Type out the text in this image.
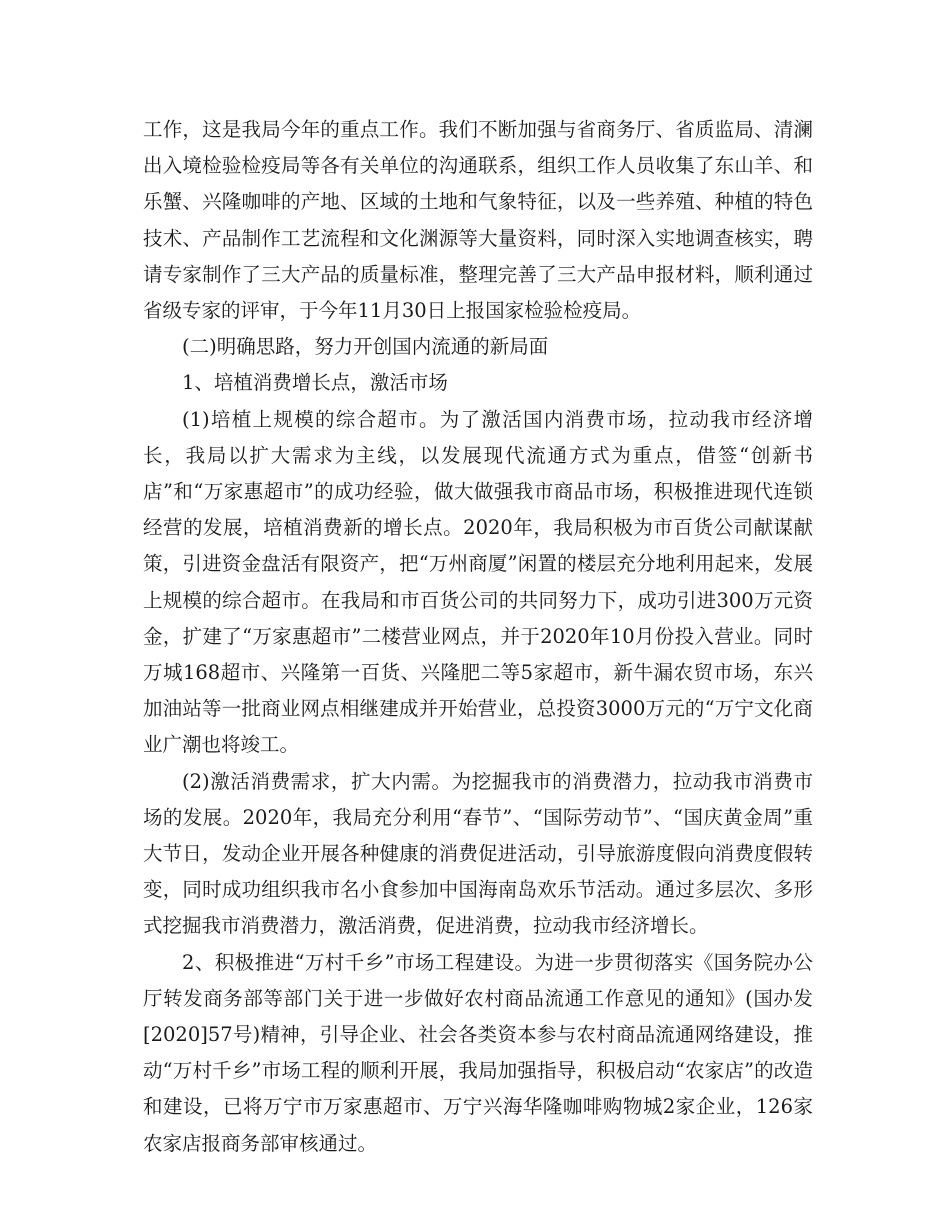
工作，这是我局今年的重点工作。我们不断加强与省商务厅、省质监局、清澜出入境检验检疫局等各有关单位的沟通联系，组织工作人员收集了东山羊、和乐蟹、兴隆咖啡的产地、区域的土地和气象特征，以及一些养殖、种植的特色技术、产品制作工艺流程和文化渊源等大量资料，同时深入实地调查核实，聘请专家制作了三大产品的质量标准，整理完善了三大产品申报材料，顺利通过省级专家的评审，于今年11月30日上报国家检验检疫局。

(二)明确思路，努力开创国内流通的新局面

1、培植消费增长点，激活市场

(1)培植上规模的综合超市。为了激活国内消费市场，拉动我市经济增长，我局以扩大需求为主线，以发展现代流通方式为重点，借签“创新书店”和“万家惠超市”的成功经验，做大做强我市商品市场，积极推进现代连锁经营的发展，培植消费新的增长点。2020年，我局积极为市百货公司献谋献策，引进资金盘活有限资产，把“万州商厦”闲置的楼层充分地利用起来，发展上规模的综合超市。在我局和市百货公司的共同努力下，成功引进300万元资金，扩建了“万家惠超市”二楼营业网点，并于2020年10月份投入营业。同时万城168超市、兴隆第一百货、兴隆肥二等5家超市，新牛漏农贸市场，东兴加油站等一批商业网点相继建成并开始营业，总投资3000万元的“万宁文化商业广潮也将竣工。

(2)激活消费需求，扩大内需。为挖掘我市的消费潜力，拉动我市消费市场的发展。2020年，我局充分利用“春节”、“国际劳动节”、“国庆黄金周”重大节日，发动企业开展各种健康的消费促进活动，引导旅游度假向消费度假转变，同时成功组织我市名小食参加中国海南岛欢乐节活动。通过多层次、多形式挖掘我市消费潜力，激活消费，促进消费，拉动我市经济增长。

2、积极推进“万村千乡”市场工程建设。为进一步贯彻落实《国务院办公厅转发商务部等部门关于进一步做好农村商品流通工作意见的通知》(国办发[2020]57号)精神，引导企业、社会各类资本参与农村商品流通网络建设，推动“万村千乡”市场工程的顺利开展，我局加强指导，积极启动“农家店”的改造和建设，已将万宁市万家惠超市、万宁兴海华隆咖啡购物城2家企业，126家农家店报商务部审核通过。
